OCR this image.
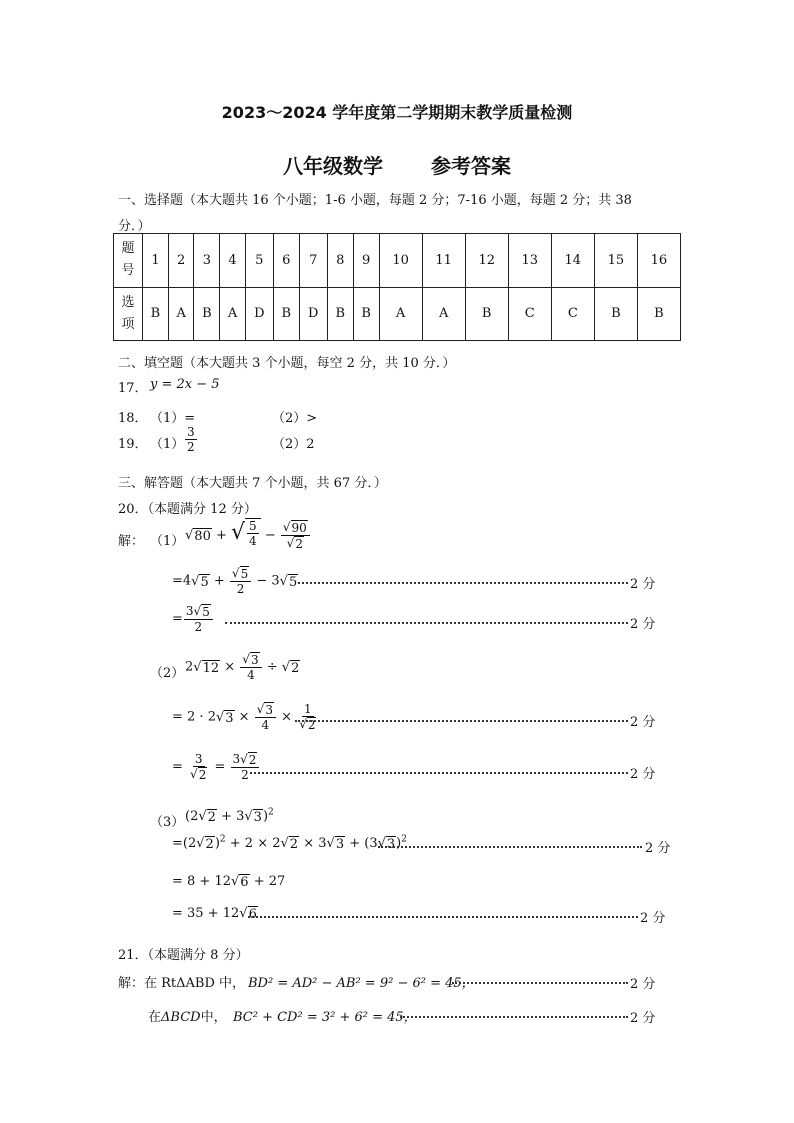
2023～2024 学年度第二学期期末教学质量检测
八年级数学 参考答案
一、选择题（本大题共 16 个小题；1-6 小题，每题 2 分；7-16 小题，每题 2 分；共 38
分．）
题
号	1	2	3	4	5	6	7	8	9	10	11	12	13	14	15	16
选
项	B	A	B	A	D	B	D	B	B	A	A	B	C	C	B	B
二、填空题（本大题共 3 个小题，每空 2 分，共 10 分．）
17． y = 2x − 5
18． （1）=	（2）>
19． $(1) \frac{3}{2}$	（2）2
三、解答题（本大题共 7 个小题，共 67 分．）
20．（本题满分 12 分）
解： （1） √ 80 + √ $\frac{5}{4} - \frac{√ 90}{√ 2}$
=4 √ $5 + \frac{√ 5}{2} - 3$ √ 5	2 分
= $\frac{3 √ 5}{2}$	2 分
（2） 2 √ $12 \times \frac{√ 3}{4}$ ÷ √ 2
= 2 · 2 √ $3 \times \frac{√ 3}{4} \times \frac{1}{√ 2}$	2 分
= $\frac{3}{√ 2} = \frac{3 √ 2}{2}$	2 分
（3） (2 √ 2 + 3 √ 3 )$^2$
=(2 √ 2 )$^2$ + 2 × 2 √ 2 × 3 √ 3 + (3 √ 3 )$^2$
2 分
= 8 + 12 √ 6 + 27
= 35 + 12 √ 6	2 分
21．（本题满分 8 分）
解：在 RtΔABD 中， BD² = AD² − AB² = 9² − 6² = 45，	2 分
在ΔBCD中， BC² + CD² = 3² + 6² = 45，	2 分
